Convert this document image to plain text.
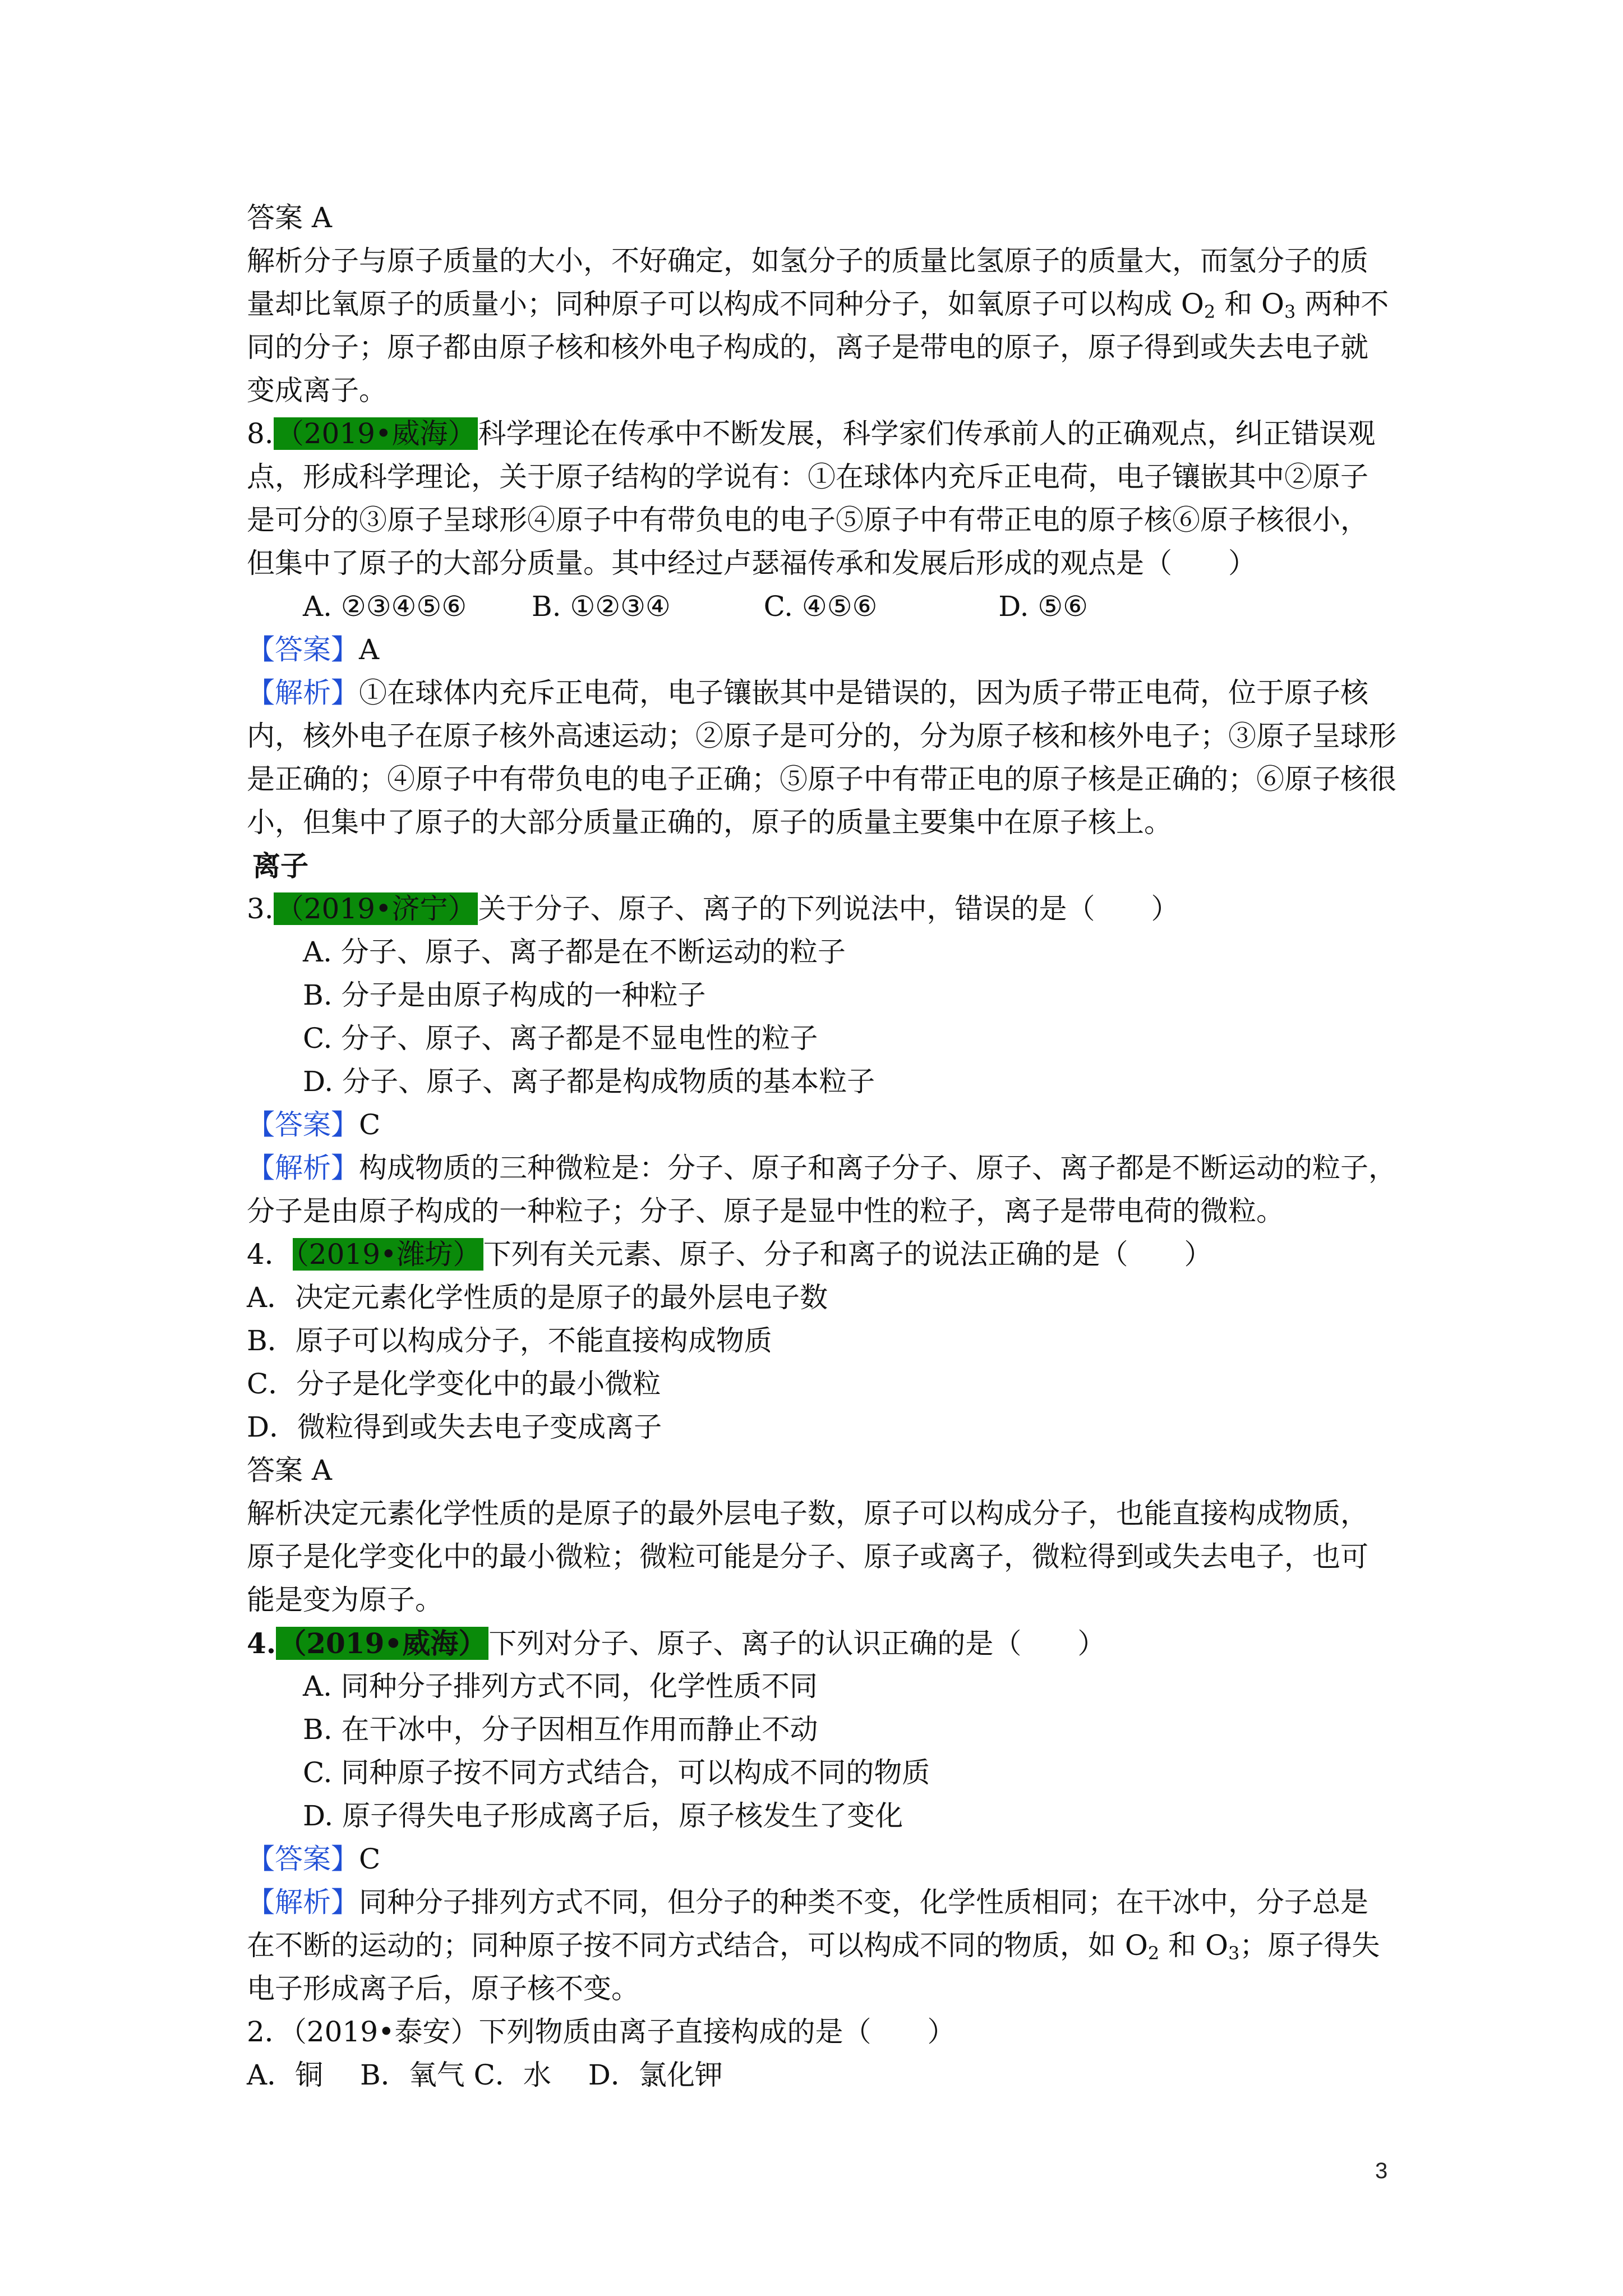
答案 A
解析分子与原子质量的大小，不好确定，如氢分子的质量比氢原子的质量大，而氢分子的质
量却比氧原子的质量小；同种原子可以构成不同种分子，如氧原子可以构成 $O_2$ 和 $O_3$ 两种不
同的分子；原子都由原子核和核外电子构成的，离子是带电的原子，原子得到或失去电子就
变成离子。
8.（2019•威海）科学理论在传承中不断发展，科学家们传承前人的正确观点，纠正错误观
点，形成科学理论，关于原子结构的学说有：①在球体内充斥正电荷，电子镶嵌其中②原子
是可分的③原子呈球形④原子中有带负电的电子⑤原子中有带正电的原子核⑥原子核很小，
但集中了原子的大部分质量。其中经过卢瑟福传承和发展后形成的观点是（　　）
A. ②③④⑤⑥　　 B. ①②③④　　　 C. ④⑤⑥　　　　 D. ⑤⑥
【答案】A
【解析】①在球体内充斥正电荷，电子镶嵌其中是错误的，因为质子带正电荷，位于原子核
内，核外电子在原子核外高速运动；②原子是可分的，分为原子核和核外电子；③原子呈球形
是正确的；④原子中有带负电的电子正确；⑤原子中有带正电的原子核是正确的；⑥原子核很
小，但集中了原子的大部分质量正确的，原子的质量主要集中在原子核上。
离子
3.（2019•济宁）关于分子、原子、离子的下列说法中，错误的是（　　）
A. 分子、原子、离子都是在不断运动的粒子
B. 分子是由原子构成的一种粒子
C. 分子、原子、离子都是不显电性的粒子
D. 分子、原子、离子都是构成物质的基本粒子
【答案】C
【解析】构成物质的三种微粒是：分子、原子和离子分子、原子、离子都是不断运动的粒子，
分子是由原子构成的一种粒子；分子、原子是显中性的粒子，离子是带电荷的微粒。
4．（2019•潍坊）下列有关元素、原子、分子和离子的说法正确的是（　　）
A．决定元素化学性质的是原子的最外层电子数
B．原子可以构成分子，不能直接构成物质
C．分子是化学变化中的最小微粒
D．微粒得到或失去电子变成离子
答案 A
解析决定元素化学性质的是原子的最外层电子数，原子可以构成分子，也能直接构成物质，
原子是化学变化中的最小微粒；微粒可能是分子、原子或离子，微粒得到或失去电子，也可
能是变为原子。
4.（2019•威海）下列对分子、原子、离子的认识正确的是（　　）
A. 同种分子排列方式不同，化学性质不同
B. 在干冰中，分子因相互作用而静止不动
C. 同种原子按不同方式结合，可以构成不同的物质
D. 原子得失电子形成离子后，原子核发生了变化
【答案】C
【解析】同种分子排列方式不同，但分子的种类不变，化学性质相同；在干冰中，分子总是
在不断的运动的；同种原子按不同方式结合，可以构成不同的物质，如 $O_2$ 和 $O_3$；原子得失
电子形成离子后，原子核不变。
2．（2019•泰安）下列物质由离子直接构成的是（　　）
A．铜　 B．氧气 C．水　 D．氯化钾
3
